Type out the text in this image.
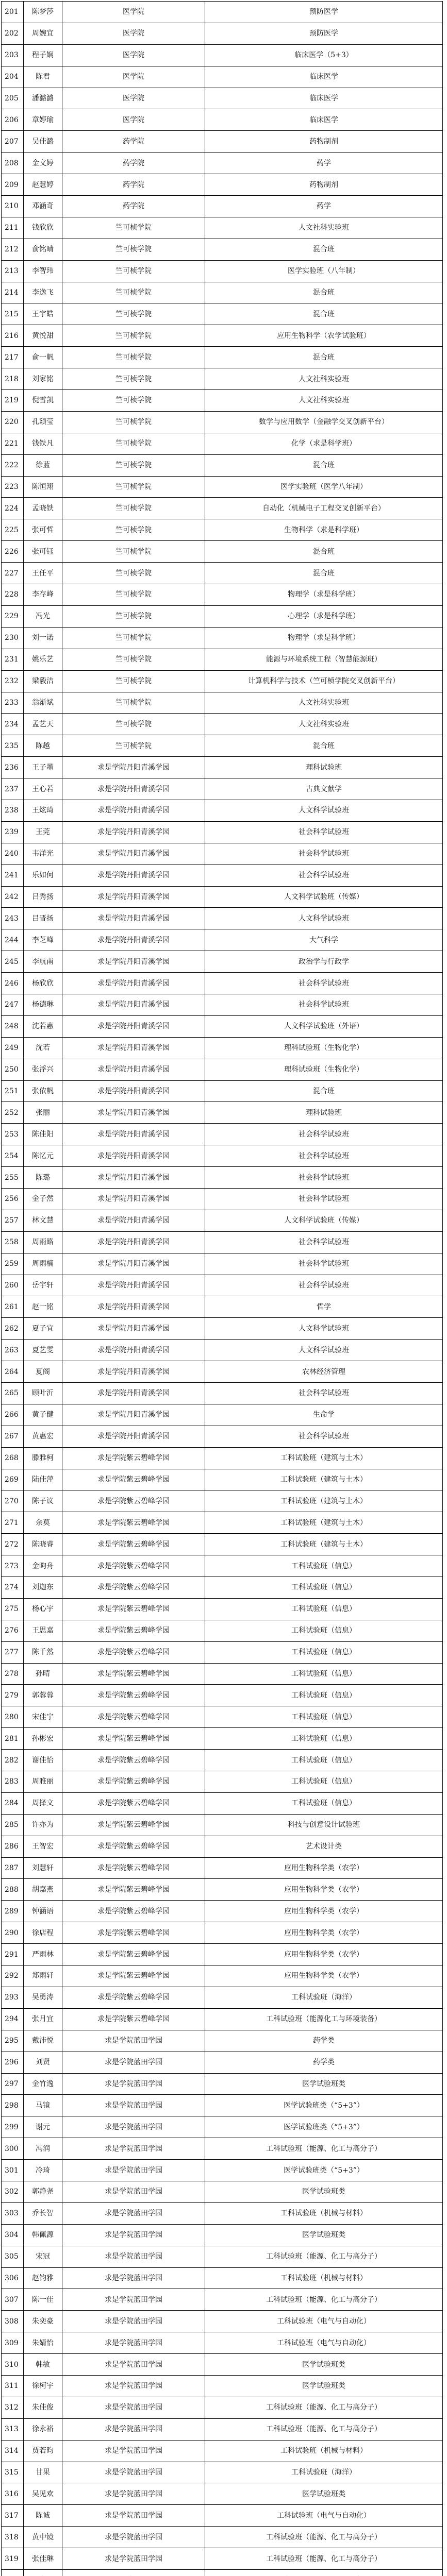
201	陈梦莎	医学院	预防医学
202	周婉宜	医学院	预防医学
203	程子娴	医学院	临床医学（5+3）
204	陈君	医学院	临床医学
205	潘潞潞	医学院	临床医学
206	章婷瑜	医学院	临床医学
207	吴佳潞	药学院	药物制剂
208	金文婷	药学院	药学
209	赵慧婷	药学院	药物制剂
210	邓涵奇	药学院	药学
211	钱欣欣	竺可桢学院	人文社科实验班
212	俞铭晴	竺可桢学院	混合班
213	李智玮	竺可桢学院	医学实验班（八年制）
214	李逸飞	竺可桢学院	混合班
215	王宇皓	竺可桢学院	混合班
216	黄悦甜	竺可桢学院	应用生物科学（农学试验班）
217	俞一帆	竺可桢学院	混合班
218	刘家铭	竺可桢学院	人文社科实验班
219	倪雪凯	竺可桢学院	人文社科实验班
220	孔颖莹	竺可桢学院	数学与应用数学（金融学交叉创新平台）
221	钱铁凡	竺可桢学院	化学（求是科学班）
222	徐蓝	竺可桢学院	混合班
223	陈恒翔	竺可桢学院	医学实验班（医学八年制）
224	孟晓铁	竺可桢学院	自动化（机械电子工程交叉创新平台）
225	张可哲	竺可桢学院	生物科学（求是科学班）
226	张可钰	竺可桢学院	混合班
227	王任平	竺可桢学院	混合班
228	李存峰	竺可桢学院	物理学（求是科学班）
229	冯光	竺可桢学院	心理学（求是科学班）
230	刘一诺	竺可桢学院	物理学（求是科学班）
231	姚乐艺	竺可桢学院	能源与环境系统工程（智慧能源班）
232	梁毅洁	竺可桢学院	计算机科学与技术（竺可桢学院交叉创新平台）
233	翁渐斌	竺可桢学院	人文社科实验班
234	孟艺天	竺可桢学院	人文社科实验班
235	陈越	竺可桢学院	混合班
236	王子墨	求是学院丹阳青溪学园	理科试验班
237	王心若	求是学院丹阳青溪学园	古典文献学
238	王炫琦	求是学院丹阳青溪学园	人文科学试验班
239	王莞	求是学院丹阳青溪学园	社会科学试验班
240	韦洋光	求是学院丹阳青溪学园	社会科学试验班
241	乐如何	求是学院丹阳青溪学园	社会科学试验班
242	吕秀扬	求是学院丹阳青溪学园	人文科学试验班（传媒）
243	吕晋扬	求是学院丹阳青溪学园	人文科学试验班
244	李芝峰	求是学院丹阳青溪学园	大气科学
245	李航南	求是学院丹阳青溪学园	政治学与行政学
246	杨欣欣	求是学院丹阳青溪学园	社会科学试验班
247	杨德琳	求是学院丹阳青溪学园	社会科学试验班
248	沈若惠	求是学院丹阳青溪学园	人文科学试验班（外语）
249	沈若	求是学院丹阳青溪学园	理科试验班（生物化学）
250	张浮兴	求是学院丹阳青溪学园	理科试验班（生物化学）
251	张依帆	求是学院丹阳青溪学园	混合班
252	张丽	求是学院丹阳青溪学园	理科试验班
253	陈佳阳	求是学院丹阳青溪学园	社会科学试验班
254	陈忆元	求是学院丹阳青溪学园	社会科学试验班
255	陈璐	求是学院丹阳青溪学园	社会科学试验班
256	金子然	求是学院丹阳青溪学园	社会科学试验班
257	林文慧	求是学院丹阳青溪学园	人文科学试验班（传媒）
258	周雨路	求是学院丹阳青溪学园	社会科学试验班
259	周雨楠	求是学院丹阳青溪学园	社会科学试验班
260	岳宇轩	求是学院丹阳青溪学园	社会科学试验班
261	赵一铭	求是学院丹阳青溪学园	哲学
262	夏子宜	求是学院丹阳青溪学园	人文科学试验班
263	夏艺雯	求是学院丹阳青溪学园	人文科学试验班
264	夏阁	求是学院丹阳青溪学园	农林经济管理
265	顾叶沂	求是学院丹阳青溪学园	社会科学试验班
266	黄子健	求是学院丹阳青溪学园	生命学
267	黄惠宏	求是学院丹阳青溪学园	社会科学试验班
268	滕雅柯	求是学院紫云碧峰学园	工科试验班（建筑与土木）
269	陆佳萍	求是学院紫云碧峰学园	工科试验班（建筑与土木）
270	陈子议	求是学院紫云碧峰学园	工科试验班（建筑与土木）
271	余莫	求是学院紫云碧峰学园	工科试验班（建筑与土木）
272	陈晓睿	求是学院紫云碧峰学园	工科试验班（建筑与土木）
273	金昫舟	求是学院紫云碧峰学园	工科试验班（信息）
274	刘迦东	求是学院紫云碧峰学园	工科试验班（信息）
275	杨心宇	求是学院紫云碧峰学园	工科试验班（信息）
276	王思嘉	求是学院紫云碧峰学园	工科试验班（信息）
277	陈千然	求是学院紫云碧峰学园	工科试验班（信息）
278	孙晴	求是学院紫云碧峰学园	工科试验班（信息）
279	郭蓉蓉	求是学院紫云碧峰学园	工科试验班（信息）
280	宋佳宁	求是学院紫云碧峰学园	工科试验班（信息）
281	孙彬宏	求是学院紫云碧峰学园	工科试验班（信息）
282	谢佳怡	求是学院紫云碧峰学园	工科试验班（信息）
283	周雅丽	求是学院紫云碧峰学园	工科试验班（信息）
284	周择文	求是学院紫云碧峰学园	工科试验班（信息）
285	许亦为	求是学院紫云碧峰学园	科技与创意设计试验班
286	王智宏	求是学院紫云碧峰学园	艺术设计类
287	刘慧轩	求是学院紫云碧峰学园	应用生物科学类（农学）
288	胡嘉燕	求是学院紫云碧峰学园	应用生物科学类（农学）
289	钟涵语	求是学院紫云碧峰学园	应用生物科学类（农学）
290	徐店程	求是学院紫云碧峰学园	应用生物科学类（农学）
291	严雨林	求是学院紫云碧峰学园	应用生物科学类（农学）
292	郑雨轩	求是学院紫云碧峰学园	应用生物科学类（农学）
293	吴勇涛	求是学院紫云碧峰学园	工科试验班（海洋）
294	张月宜	求是学院紫云碧峰学园	工科试验班（能源化工与环境装备）
295	戴沛悦	求是学院蓝田学园	药学类
296	刘贤	求是学院蓝田学园	药学类
297	金竹逸	求是学院蓝田学园	医学试验班类
298	马镜	求是学院蓝田学园	医学试验班类（“5+3”）
299	谢元	求是学院蓝田学园	医学试验班类（“5+3”）
300	冯润	求是学院蓝田学园	工科试验班（能源、化工与高分子）
301	冷琦	求是学院蓝田学园	医学试验班类（“5+3”）
302	郭静尧	求是学院蓝田学园	医学试验班类
303	乔长智	求是学院蓝田学园	工科试验班（机械与材料）
304	韩佩源	求是学院蓝田学园	医学试验班类
305	宋冠	求是学院蓝田学园	工科试验班（能源、化工与高分子）
306	赵钧雅	求是学院蓝田学园	工科试验班（机械与材料）
307	陈一佳	求是学院蓝田学园	工科试验班（能源、化工与高分子）
308	朱奕豪	求是学院蓝田学园	工科试验班（电气与自动化）
309	朱婧怡	求是学院蓝田学园	工科试验班（电气与自动化）
310	韩敏	求是学院蓝田学园	医学试验班类
311	徐柯宇	求是学院蓝田学园	医学试验班类
312	朱佳俊	求是学院蓝田学园	工科试验班（能源、化工与高分子）
313	徐永裕	求是学院蓝田学园	工科试验班（能源、化工与高分子）
314	贾若昀	求是学院蓝田学园	工科试验班（机械与材料）
315	甘果	求是学院蓝田学园	工科试验班（海洋）
316	吴见欢	求是学院蓝田学园	医学试验班类
317	陈诚	求是学院蓝田学园	工科试验班（电气与自动化）
318	黄中镜	求是学院蓝田学园	工科试验班（能源、化工与高分子）
319	张佳琳	求是学院蓝田学园	工科试验班（能源、化工与高分子）
